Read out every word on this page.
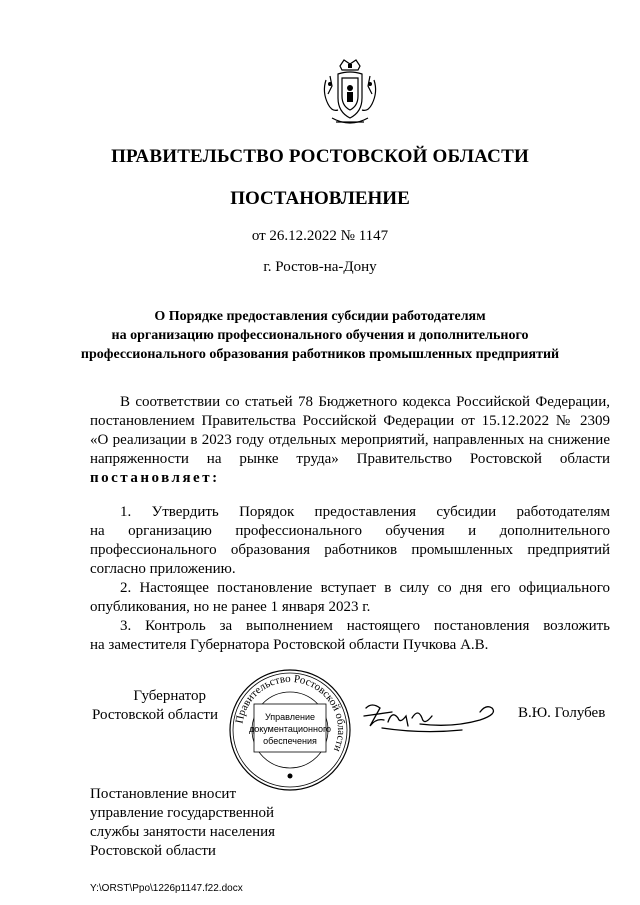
ПРАВИТЕЛЬСТВО РОСТОВСКОЙ ОБЛАСТИ
ПОСТАНОВЛЕНИЕ
от 26.12.2022 № 1147
г. Ростов-на-Дону
О Порядке предоставления субсидии работодателям
на организацию профессионального обучения и дополнительного
профессионального образования работников промышленных предприятий
В соответствии со статьей 78 Бюджетного кодекса Российской Федерации,
постановлением Правительства Российской Федерации от 15.12.2022 № 2309
«О реализации в 2023 году отдельных мероприятий, направленных на снижение
напряженности на рынке труда» Правительство Ростовской области
постановляет:
1. Утвердить Порядок предоставления субсидии работодателям
на организацию профессионального обучения и дополнительного
профессионального образования работников промышленных предприятий
согласно приложению.
2. Настоящее постановление вступает в силу со дня его официального
опубликования, но не ранее 1 января 2023 г.
3. Контроль за выполнением настоящего постановления возложить
на заместителя Губернатора Ростовской области Пучкова А.В.
Губернатор
Ростовской области Правительство Ростовской области
Управление
документационного
обеспечения
В.Ю. Голубев
Постановление вносит
управление государственной
службы занятости населения
Ростовской области
Y:\ORST\Ppo\1226p1147.f22.docx
